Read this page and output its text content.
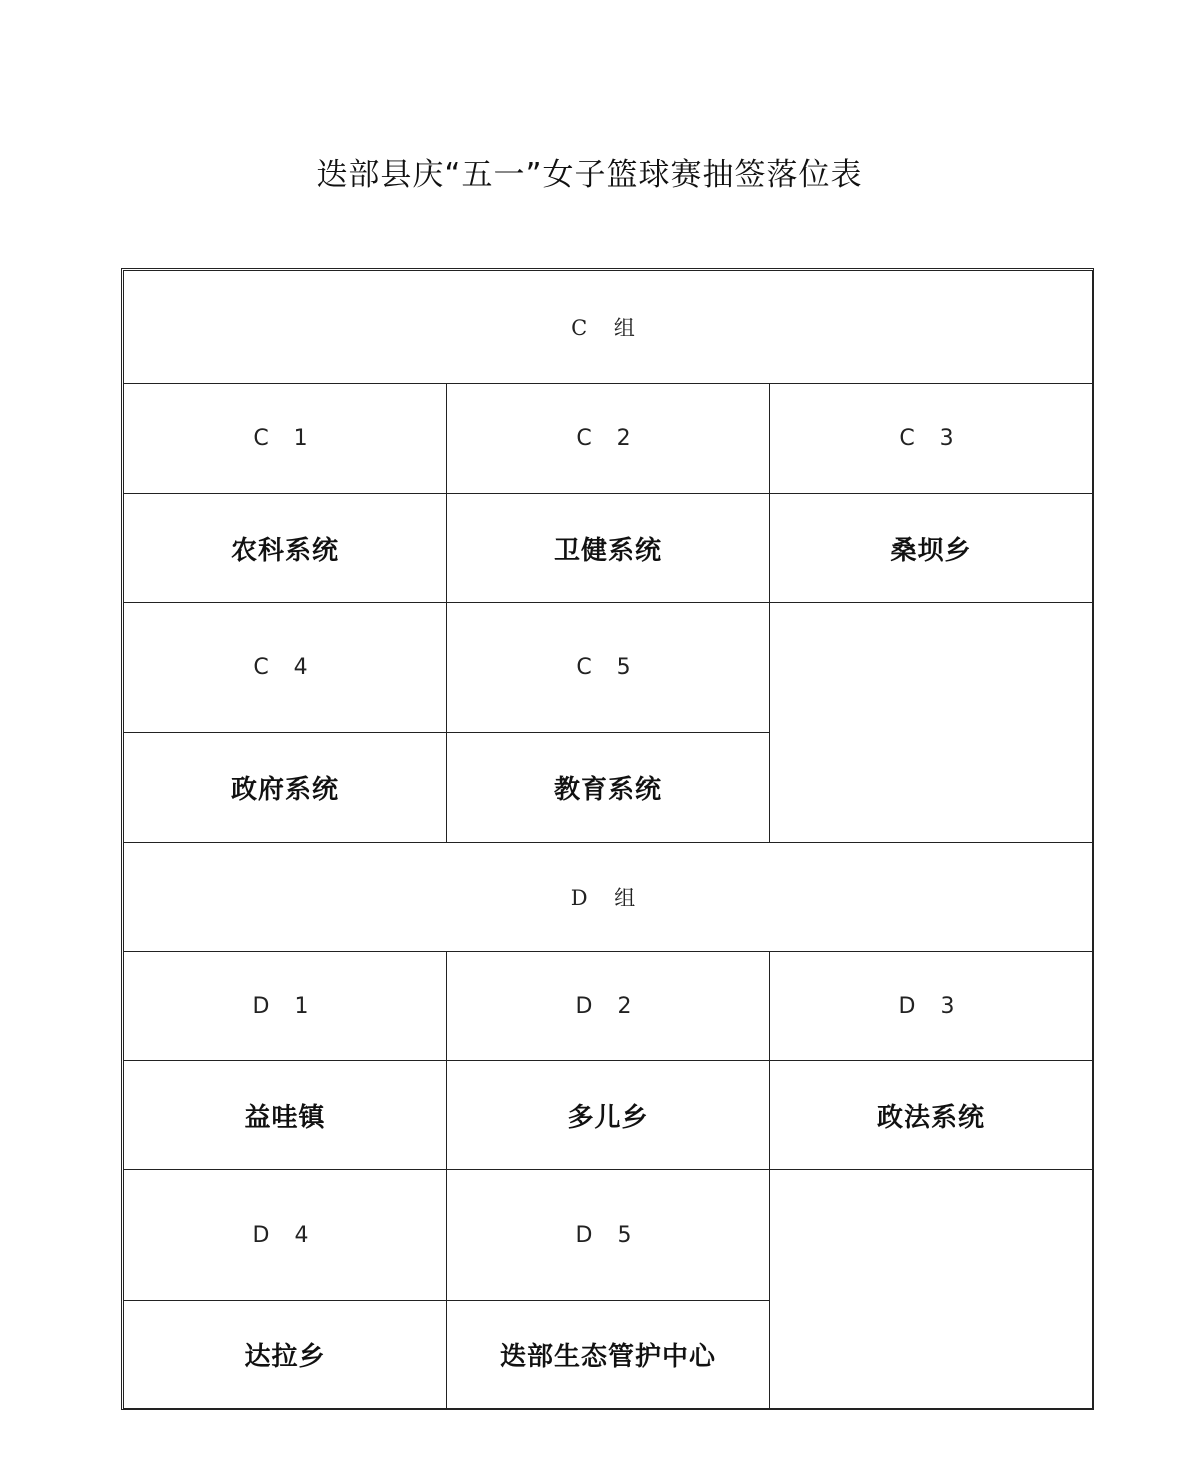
迭部县庆“五一”女子篮球赛抽签落位表
C 组		
C 1	C 2	C 3
农科系统	卫健系统	桑坝乡
C 4	C 5	
政府系统	教育系统	
D 组		
D 1	D 2	D 3
益哇镇	多儿乡	政法系统
D 4	D 5	
达拉乡	迭部生态管护中心	
